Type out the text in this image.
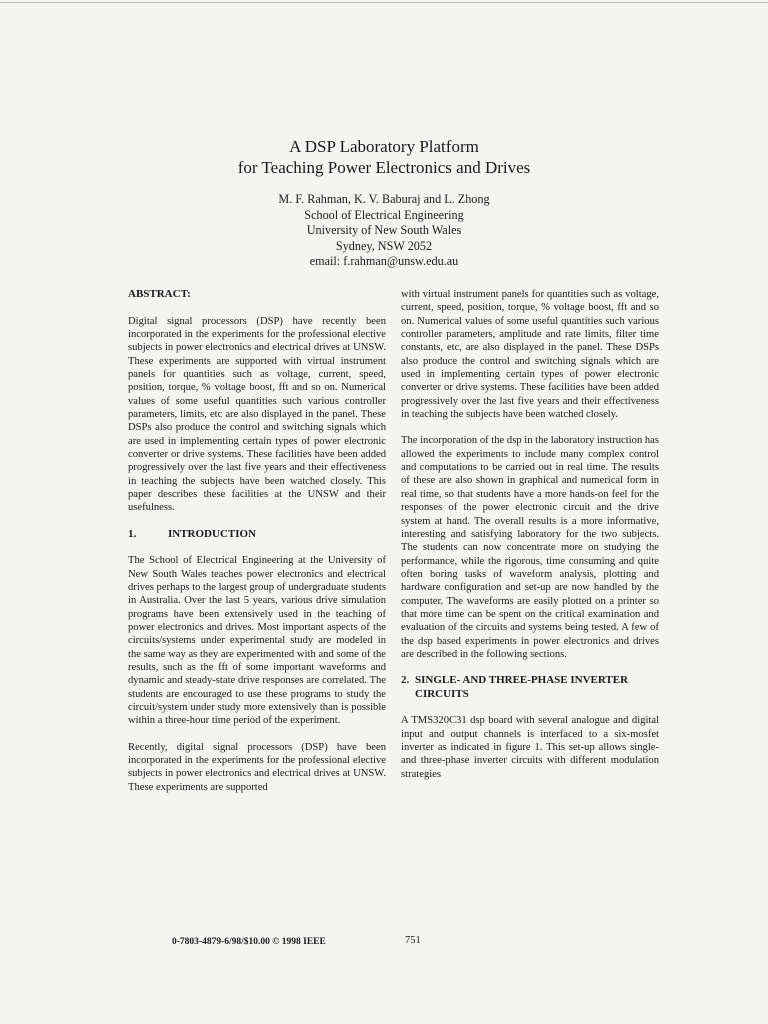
A DSP Laboratory Platform
for Teaching Power Electronics and Drives
M. F. Rahman, K. V. Baburaj and L. Zhong
School of Electrical Engineering
University of New South Wales
Sydney, NSW 2052
email: f.rahman@unsw.edu.au
ABSTRACT:

Digital signal processors (DSP) have recently been incorporated in the experiments for the professional elective subjects in power electronics and electrical drives at UNSW. These experiments are supported with virtual instrument panels for quantities such as voltage, current, speed, position, torque, % voltage boost, fft and so on. Numerical values of some useful quantities such various controller parameters, limits, etc are also displayed in the panel. These DSPs also produce the control and switching signals which are used in implementing certain types of power electronic converter or drive systems. These facilities have been added progressively over the last five years and their effectiveness in teaching the subjects have been watched closely. This paper describes these facilities at the UNSW and their usefulness.

1.	INTRODUCTION

The School of Electrical Engineering at the University of New South Wales teaches power electronics and electrical drives perhaps to the largest group of undergraduate students in Australia. Over the last 5 years, various drive simulation programs have been extensively used in the teaching of power electronics and drives. Most important aspects of the circuits/systems under experimental study are modeled in the same way as they are experimented with and some of the results, such as the fft of some important waveforms and dynamic and steady-state drive responses are correlated. The students are encouraged to use these programs to study the circuit/system under study more extensively than is possible within a three-hour time period of the experiment.

Recently, digital signal processors (DSP) have been incorporated in the experiments for the professional elective subjects in power electronics and electrical drives at UNSW. These experiments are supported

with virtual instrument panels for quantities such as voltage, current, speed, position, torque, % voltage boost, fft and so on. Numerical values of some useful quantities such various controller parameters, amplitude and rate limits, filter time constants, etc, are also displayed in the panel. These DSPs also produce the control and switching signals which are used in implementing certain types of power electronic converter or drive systems. These facilities have been added progressively over the last five years and their effectiveness in teaching the subjects have been watched closely.

The incorporation of the dsp in the laboratory instruction has allowed the experiments to include many complex control and computations to be carried out in real time. The results of these are also shown in graphical and numerical form in real time, so that students have a more hands-on feel for the responses of the power electronic circuit and the drive system at hand. The overall results is a more informative, interesting and satisfying laboratory for the two subjects. The students can now concentrate more on studying the performance, while the rigorous, time consuming and quite often boring tasks of waveform analysis, plotting and hardware configuration and set-up are now handled by the computer. The waveforms are easily plotted on a printer so that more time can be spent on the critical examination and evaluation of the circuits and systems being tested. A few of the dsp based experiments in power electronics and drives are described in the following sections.

2. SINGLE- AND THREE-PHASE INVERTER
CIRCUITS

A TMS320C31 dsp board with several analogue and digital input and output channels is interfaced to a six-mosfet inverter as indicated in figure 1. This set-up allows single- and three-phase inverter circuits with different modulation strategies

0-7803-4879-6/98/$10.00 © 1998 IEEE	751
